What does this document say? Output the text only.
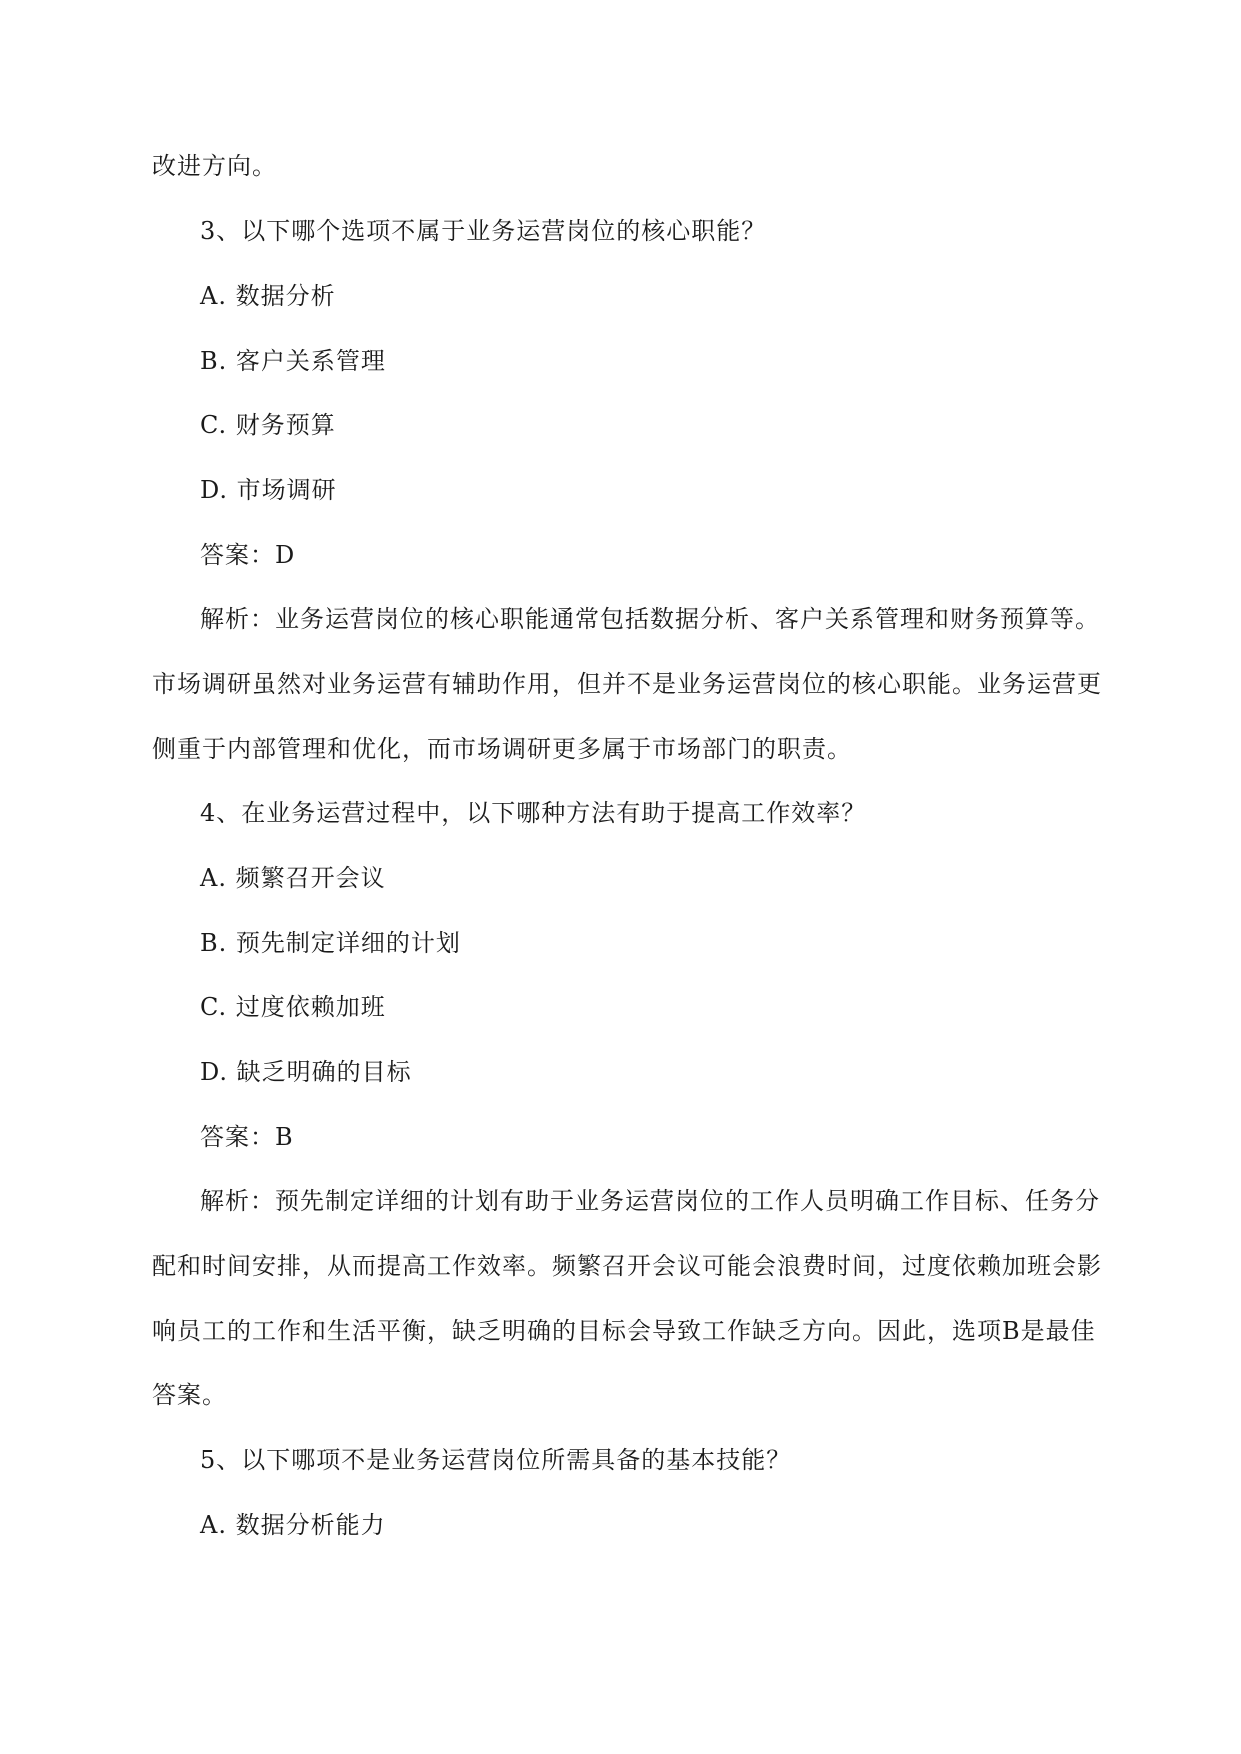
改进方向。
3、以下哪个选项不属于业务运营岗位的核心职能？
A. 数据分析
B. 客户关系管理
C. 财务预算
D. 市场调研
答案：D
解析：业务运营岗位的核心职能通常包括数据分析、客户关系管理和财务预算等。
市场调研虽然对业务运营有辅助作用，但并不是业务运营岗位的核心职能。业务运营更
侧重于内部管理和优化，而市场调研更多属于市场部门的职责。
4、在业务运营过程中，以下哪种方法有助于提高工作效率？
A. 频繁召开会议
B. 预先制定详细的计划
C. 过度依赖加班
D. 缺乏明确的目标
答案：B
解析：预先制定详细的计划有助于业务运营岗位的工作人员明确工作目标、任务分
配和时间安排，从而提高工作效率。频繁召开会议可能会浪费时间，过度依赖加班会影
响员工的工作和生活平衡，缺乏明确的目标会导致工作缺乏方向。因此，选项B是最佳
答案。
5、以下哪项不是业务运营岗位所需具备的基本技能？
A. 数据分析能力
